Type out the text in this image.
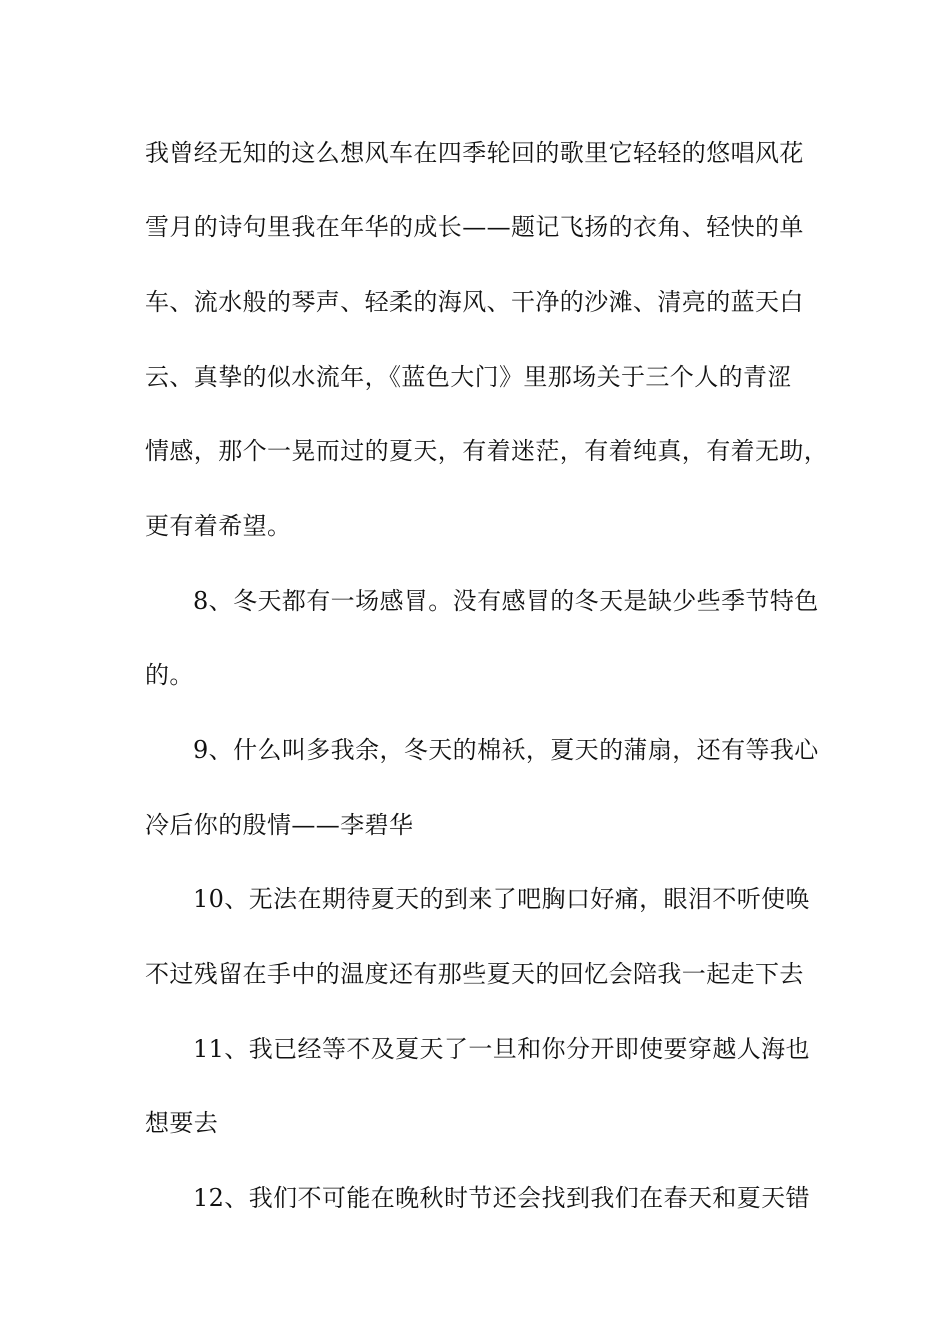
我曾经无知的这么想风车在四季轮回的歌里它轻轻的悠唱风花
雪月的诗句里我在年华的成长——题记飞扬的衣角、轻快的单
车、流水般的琴声、轻柔的海风、干净的沙滩、清亮的蓝天白
云、真挚的似水流年，《蓝色大门》里那场关于三个人的青涩
情感，那个一晃而过的夏天，有着迷茫，有着纯真，有着无助，
更有着希望。
8、冬天都有一场感冒。没有感冒的冬天是缺少些季节特色
的。
9、什么叫多我余，冬天的棉袄，夏天的蒲扇，还有等我心
冷后你的殷情——李碧华
10、无法在期待夏天的到来了吧胸口好痛，眼泪不听使唤
不过残留在手中的温度还有那些夏天的回忆会陪我一起走下去
11、我已经等不及夏天了一旦和你分开即使要穿越人海也
想要去
12、我们不可能在晚秋时节还会找到我们在春天和夏天错
